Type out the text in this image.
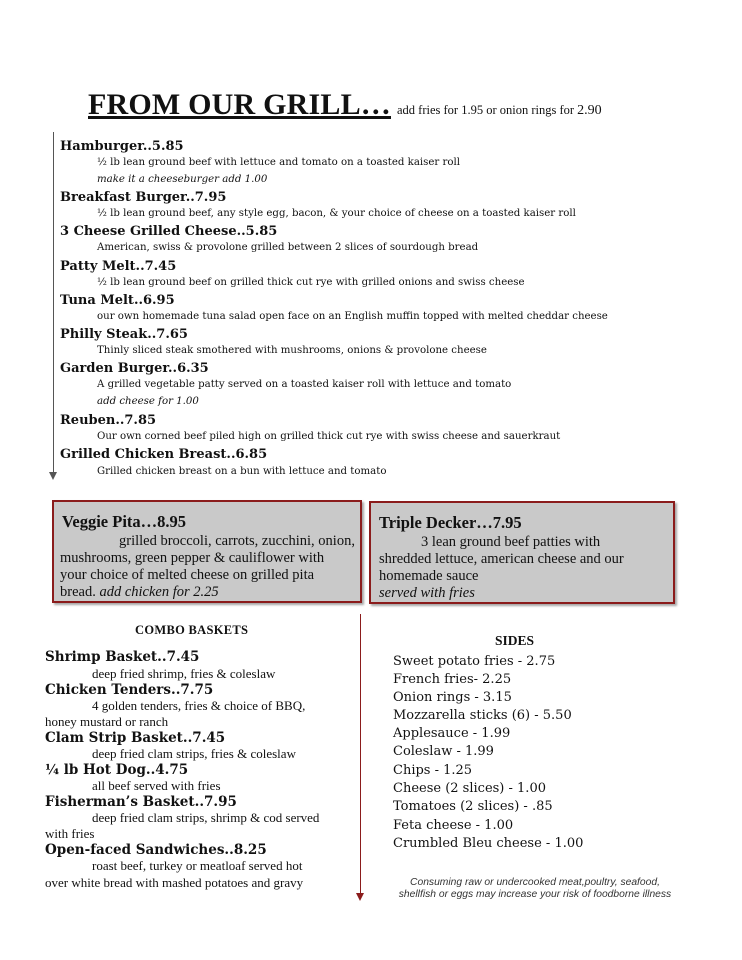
FROM OUR GRILL… add fries for 1.95 or onion rings for 2.90
Hamburger..5.85
½ lb lean ground beef with lettuce and tomato on a toasted kaiser roll
make it a cheeseburger add 1.00
Breakfast Burger..7.95
½ lb lean ground beef, any style egg, bacon, & your choice of cheese on a toasted kaiser roll
3 Cheese Grilled Cheese..5.85
American, swiss & provolone grilled between 2 slices of sourdough bread
Patty Melt..7.45
½ lb lean ground beef on grilled thick cut rye with grilled onions and swiss cheese
Tuna Melt..6.95
our own homemade tuna salad open face on an English muffin topped with melted cheddar cheese
Philly Steak..7.65
Thinly sliced steak smothered with mushrooms, onions & provolone cheese
Garden Burger..6.35
A grilled vegetable patty served on a toasted kaiser roll with lettuce and tomato
add cheese for 1.00
Reuben..7.85
Our own corned beef piled high on grilled thick cut rye with swiss cheese and sauerkraut
Grilled Chicken Breast..6.85
Grilled chicken breast on a bun with lettuce and tomato
Veggie Pita…8.95
grilled broccoli, carrots, zucchini, onion,
mushrooms, green pepper & cauliflower with
your choice of melted cheese on grilled pita
bread. add chicken for 2.25
Triple Decker…7.95
3 lean ground beef patties with
shredded lettuce, american cheese and our
homemade sauce
served with fries
COMBO BASKETS
Shrimp Basket..7.45
deep fried shrimp, fries & coleslaw
Chicken Tenders..7.75
4 golden tenders, fries & choice of BBQ,
honey mustard or ranch
Clam Strip Basket..7.45
deep fried clam strips, fries & coleslaw
¼ lb Hot Dog..4.75
all beef served with fries
Fisherman’s Basket..7.95
deep fried clam strips, shrimp & cod served
with fries
Open-faced Sandwiches..8.25
roast beef, turkey or meatloaf served hot
over white bread with mashed potatoes and gravy
SIDES
Sweet potato fries - 2.75
French fries- 2.25
Onion rings - 3.15
Mozzarella sticks (6) - 5.50
Applesauce - 1.99
Coleslaw - 1.99
Chips - 1.25
Cheese (2 slices) - 1.00
Tomatoes (2 slices) - .85
Feta cheese - 1.00
Crumbled Bleu cheese - 1.00
Consuming raw or undercooked meat,poultry, seafood,
shellfish or eggs may increase your risk of foodborne illness
